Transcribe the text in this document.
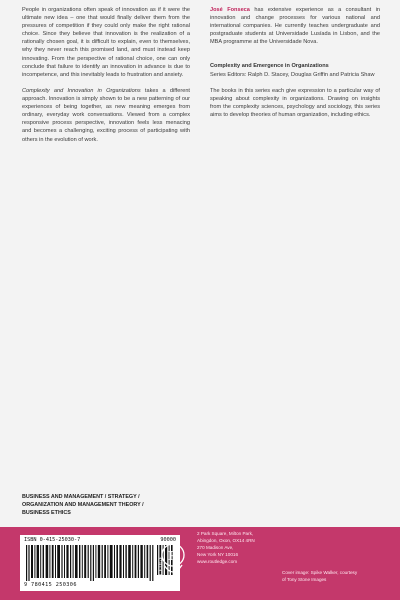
People in organizations often speak of innovation as if it were the ultimate new idea – one that would finally deliver them from the pressures of competition if they could only make the right rational choice. Since they believe that innovation is the realization of a rationally chosen goal, it is difficult to explain, even to themselves, why they never reach this promised land, and must instead keep innovating. From the perspective of rational choice, one can only conclude that failure to identify an innovation in advance is due to incompetence, and this inevitably leads to frustration and anxiety.

Complexity and Innovation in Organizations takes a different approach. Innovation is simply shown to be a new patterning of our experiences of being together, as new meaning emerges from ordinary, everyday work conversations. Viewed from a complex responsive process perspective, innovation feels less menacing and becomes a challenging, exciting process of participating with others in the evolution of work.

José Fonseca has extensive experience as a consultant in innovation and change processes for various national and international companies. He currently teaches undergraduate and postgraduate students at Universidade Lusíada in Lisbon, and the MBA programme at the Universidade Nova.

Complexity and Emergence in Organizations
Series Editors: Ralph D. Stacey, Douglas Griffin and Patricia Shaw

The books in this series each give expression to a particular way of speaking about complexity in organizations. Drawing on insights from the complexity sciences, psychology and sociology, this series aims to develop theories of human organization, including ethics.

BUSINESS AND MANAGEMENT / STRATEGY /
ORGANIZATION AND MANAGEMENT THEORY /
BUSINESS ETHICS
ISBN 0-415-25030-7	90000
9 780415 250306
R
ROUTLEDGE
2 Park Square, Milton Park,
Abingdon, Oxon, OX14 4RN
270 Madison Ave,
New York NY 10016
www.routledge.com
Cover image: Spike Walker, courtesy
of Tony Stone Images
